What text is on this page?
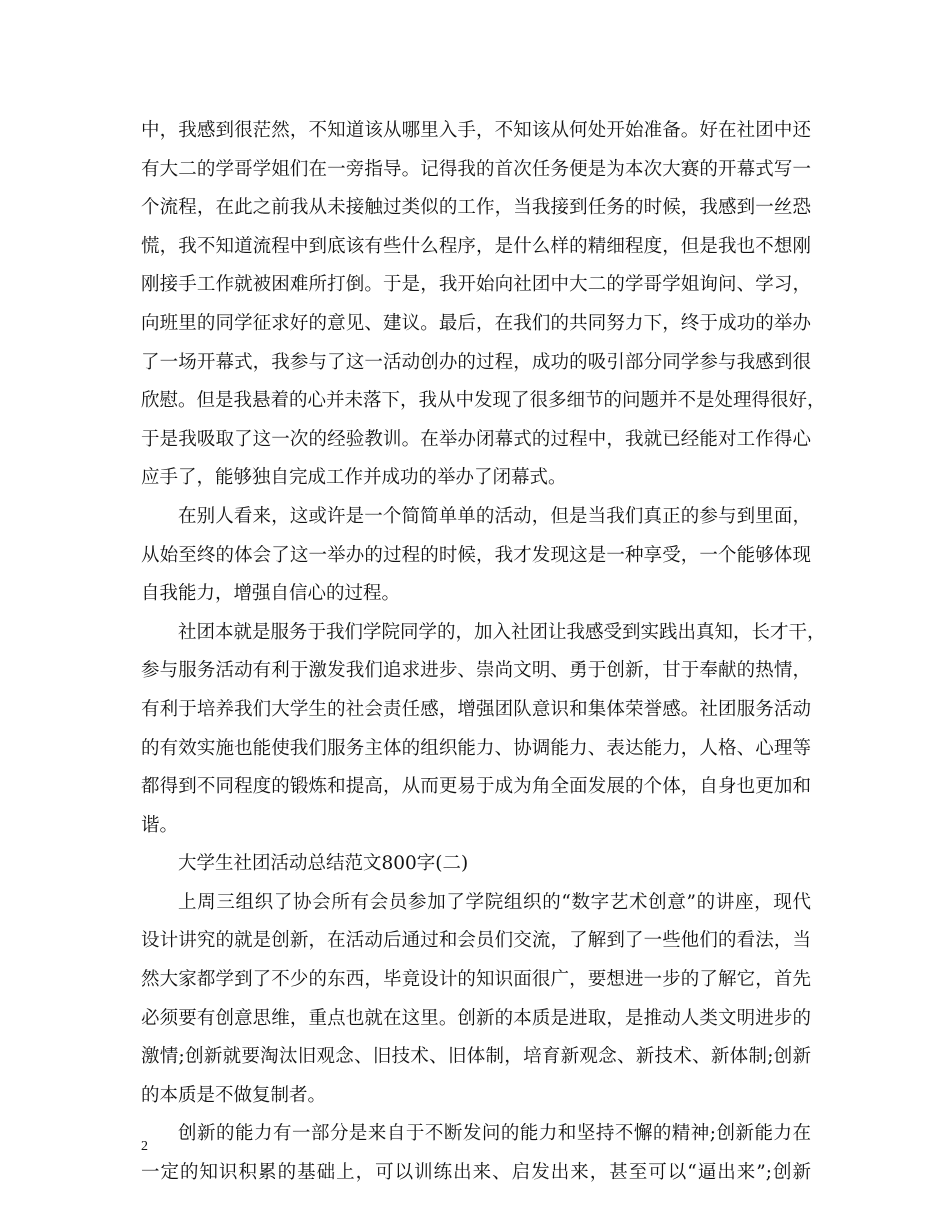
中，我感到很茫然，不知道该从哪里入手，不知该从何处开始准备。好在社团中还
有大二的学哥学姐们在一旁指导。记得我的首次任务便是为本次大赛的开幕式写一
个流程，在此之前我从未接触过类似的工作，当我接到任务的时候，我感到一丝恐
慌，我不知道流程中到底该有些什么程序，是什么样的精细程度，但是我也不想刚
刚接手工作就被困难所打倒。于是，我开始向社团中大二的学哥学姐询问、学习，
向班里的同学征求好的意见、建议。最后，在我们的共同努力下，终于成功的举办
了一场开幕式，我参与了这一活动创办的过程，成功的吸引部分同学参与我感到很
欣慰。但是我悬着的心并未落下，我从中发现了很多细节的问题并不是处理得很好，
于是我吸取了这一次的经验教训。在举办闭幕式的过程中，我就已经能对工作得心
应手了，能够独自完成工作并成功的举办了闭幕式。
在别人看来，这或许是一个简简单单的活动，但是当我们真正的参与到里面，
从始至终的体会了这一举办的过程的时候，我才发现这是一种享受，一个能够体现
自我能力，增强自信心的过程。
社团本就是服务于我们学院同学的，加入社团让我感受到实践出真知，长才干，
参与服务活动有利于激发我们追求进步、崇尚文明、勇于创新，甘于奉献的热情，
有利于培养我们大学生的社会责任感，增强团队意识和集体荣誉感。社团服务活动
的有效实施也能使我们服务主体的组织能力、协调能力、表达能力，人格、心理等
都得到不同程度的锻炼和提高，从而更易于成为角全面发展的个体，自身也更加和
谐。
大学生社团活动总结范文800字(二)
上周三组织了协会所有会员参加了学院组织的“数字艺术创意”的讲座，现代
设计讲究的就是创新，在活动后通过和会员们交流，了解到了一些他们的看法，当
然大家都学到了不少的东西，毕竟设计的知识面很广，要想进一步的了解它，首先
必须要有创意思维，重点也就在这里。创新的本质是进取，是推动人类文明进步的
激情;创新就要淘汰旧观念、旧技术、旧体制，培育新观念、新技术、新体制;创新
的本质是不做复制者。
创新的能力有一部分是来自于不断发问的能力和坚持不懈的精神;创新能力在
一定的知识积累的基础上，可以训练出来、启发出来，甚至可以“逼出来”;创新
2
